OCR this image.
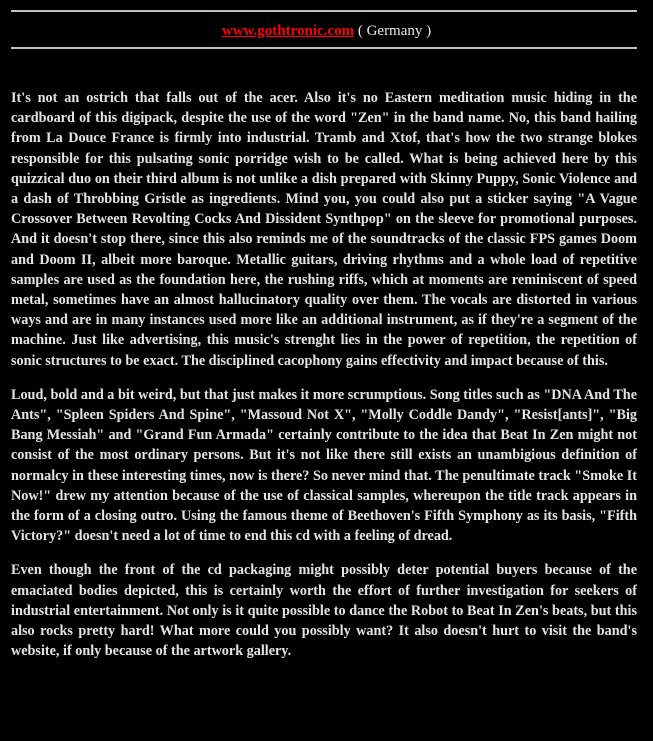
www.gothtronic.com ( Germany )

It's not an ostrich that falls out of the acer. Also it's no Eastern meditation music hiding in the cardboard of this digipack, despite the use of the word "Zen" in the band name. No, this band hailing from La Douce France is firmly into industrial. Tramb and Xtof, that's how the two strange blokes responsible for this pulsating sonic porridge wish to be called. What is being achieved here by this quizzical duo on their third album is not unlike a dish prepared with Skinny Puppy, Sonic Violence and a dash of Throbbing Gristle as ingredients. Mind you, you could also put a sticker saying "A Vague Crossover Between Revolting Cocks And Dissident Synthpop" on the sleeve for promotional purposes. And it doesn't stop there, since this also reminds me of the soundtracks of the classic FPS games Doom and Doom II, albeit more baroque. Metallic guitars, driving rhythms and a whole load of repetitive samples are used as the foundation here, the rushing riffs, which at moments are reminiscent of speed metal, sometimes have an almost hallucinatory quality over them. The vocals are distorted in various ways and are in many instances used more like an additional instrument, as if they're a segment of the machine. Just like advertising, this music's strenght lies in the power of repetition, the repetition of sonic structures to be exact. The disciplined cacophony gains effectivity and impact because of this.

Loud, bold and a bit weird, but that just makes it more scrumptious. Song titles such as "DNA And The Ants", "Spleen Spiders And Spine", "Massoud Not X", "Molly Coddle Dandy", "Resist[ants]", "Big Bang Messiah" and "Grand Fun Armada" certainly contribute to the idea that Beat In Zen might not consist of the most ordinary persons. But it's not like there still exists an unambigious definition of normalcy in these interesting times, now is there? So never mind that. The penultimate track "Smoke It Now!" drew my attention because of the use of classical samples, whereupon the title track appears in the form of a closing outro. Using the famous theme of Beethoven's Fifth Symphony as its basis, "Fifth Victory?" doesn't need a lot of time to end this cd with a feeling of dread.

Even though the front of the cd packaging might possibly deter potential buyers because of the emaciated bodies depicted, this is certainly worth the effort of further investigation for seekers of industrial entertainment. Not only is it quite possible to dance the Robot to Beat In Zen's beats, but this also rocks pretty hard! What more could you possibly want? It also doesn't hurt to visit the band's website, if only because of the artwork gallery.
